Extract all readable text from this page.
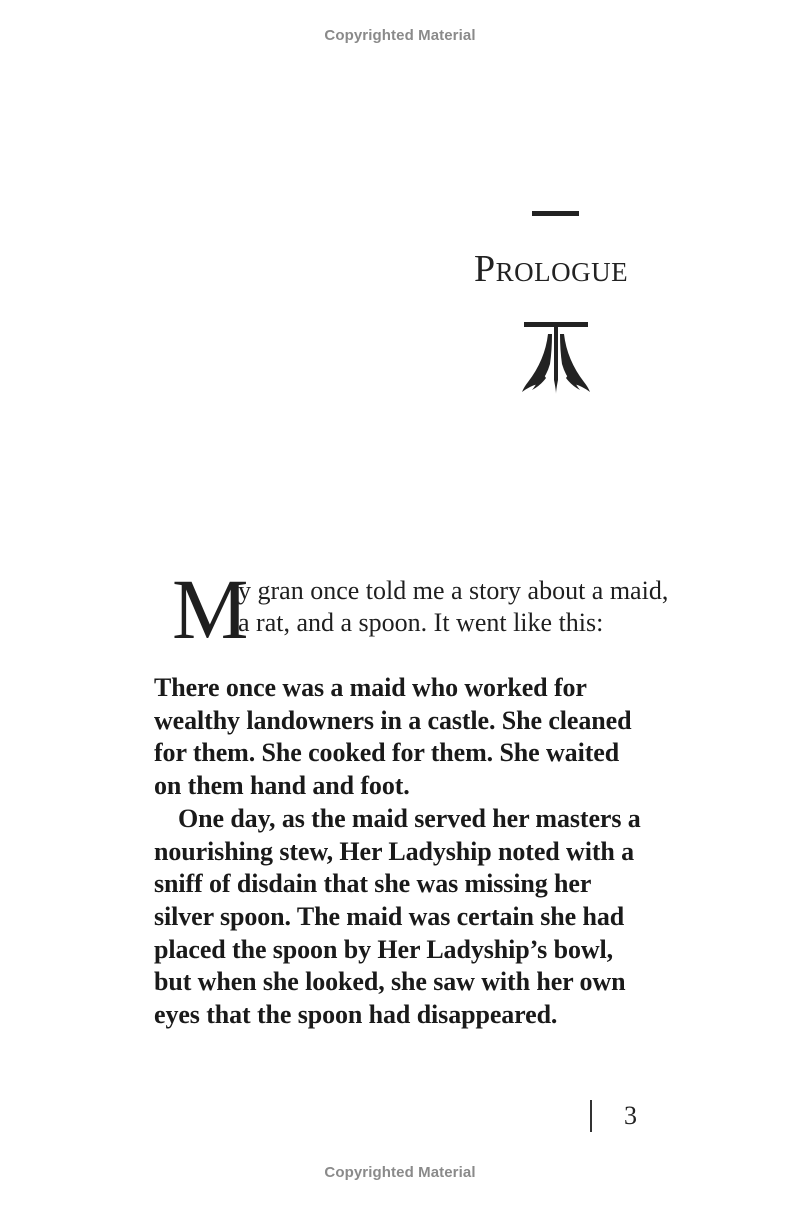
Copyrighted Material
Prologue
M
y gran once told me a story about a maid,
a rat, and a spoon. It went like this:
There once was a maid who worked for
wealthy landowners in a castle. She cleaned
for them. She cooked for them. She waited
on them hand and foot.
One day, as the maid served her masters a
nourishing stew, Her Ladyship noted with a
sniff of disdain that she was missing her
silver spoon. The maid was certain she had
placed the spoon by Her Ladyship’s bowl,
but when she looked, she saw with her own
eyes that the spoon had disappeared.
3
Copyrighted Material
